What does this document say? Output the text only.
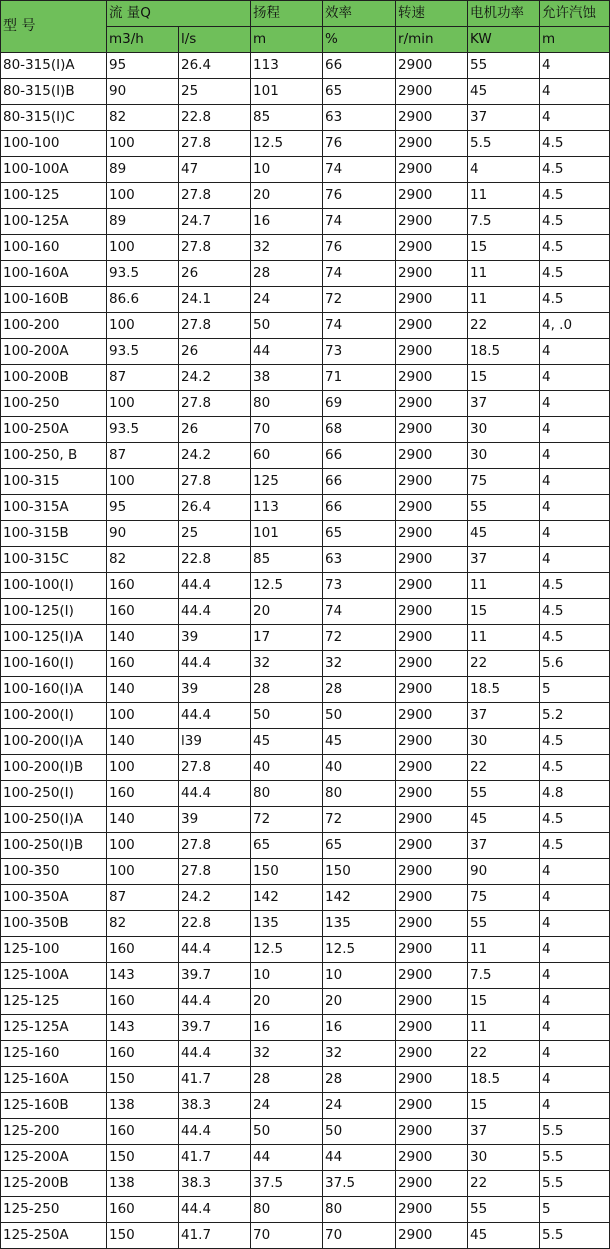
型 号	流 量Q		扬程	效率	转速	电机功率	允许汽蚀
	m3/h	l/s	m	%	r/min	KW	m
80-315(I)A	95	26.4	113	66	2900	55	4
80-315(I)B	90	25	101	65	2900	45	4
80-315(I)C	82	22.8	85	63	2900	37	4
100-100	100	27.8	12.5	76	2900	5.5	4.5
100-100A	89	47	10	74	2900	4	4.5
100-125	100	27.8	20	76	2900	11	4.5
100-125A	89	24.7	16	74	2900	7.5	4.5
100-160	100	27.8	32	76	2900	15	4.5
100-160A	93.5	26	28	74	2900	11	4.5
100-160B	86.6	24.1	24	72	2900	11	4.5
100-200	100	27.8	50	74	2900	22	4, .0
100-200A	93.5	26	44	73	2900	18.5	4
100-200B	87	24.2	38	71	2900	15	4
100-250	100	27.8	80	69	2900	37	4
100-250A	93.5	26	70	68	2900	30	4
100-250, B	87	24.2	60	66	2900	30	4
100-315	100	27.8	125	66	2900	75	4
100-315A	95	26.4	113	66	2900	55	4
100-315B	90	25	101	65	2900	45	4
100-315C	82	22.8	85	63	2900	37	4
100-100(I)	160	44.4	12.5	73	2900	11	4.5
100-125(I)	160	44.4	20	74	2900	15	4.5
100-125(I)A	140	39	17	72	2900	11	4.5
100-160(I)	160	44.4	32	32	2900	22	5.6
100-160(I)A	140	39	28	28	2900	18.5	5
100-200(I)	100	44.4	50	50	2900	37	5.2
100-200(I)A	140	l39	45	45	2900	30	4.5
100-200(I)B	100	27.8	40	40	2900	22	4.5
100-250(I)	160	44.4	80	80	2900	55	4.8
100-250(I)A	140	39	72	72	2900	45	4.5
100-250(I)B	100	27.8	65	65	2900	37	4.5
100-350	100	27.8	150	150	2900	90	4
100-350A	87	24.2	142	142	2900	75	4
100-350B	82	22.8	135	135	2900	55	4
125-100	160	44.4	12.5	12.5	2900	11	4
125-100A	143	39.7	10	10	2900	7.5	4
125-125	160	44.4	20	20	2900	15	4
125-125A	143	39.7	16	16	2900	11	4
125-160	160	44.4	32	32	2900	22	4
125-160A	150	41.7	28	28	2900	18.5	4
125-160B	138	38.3	24	24	2900	15	4
125-200	160	44.4	50	50	2900	37	5.5
125-200A	150	41.7	44	44	2900	30	5.5
125-200B	138	38.3	37.5	37.5	2900	22	5.5
125-250	160	44.4	80	80	2900	55	5
125-250A	150	41.7	70	70	2900	45	5.5
